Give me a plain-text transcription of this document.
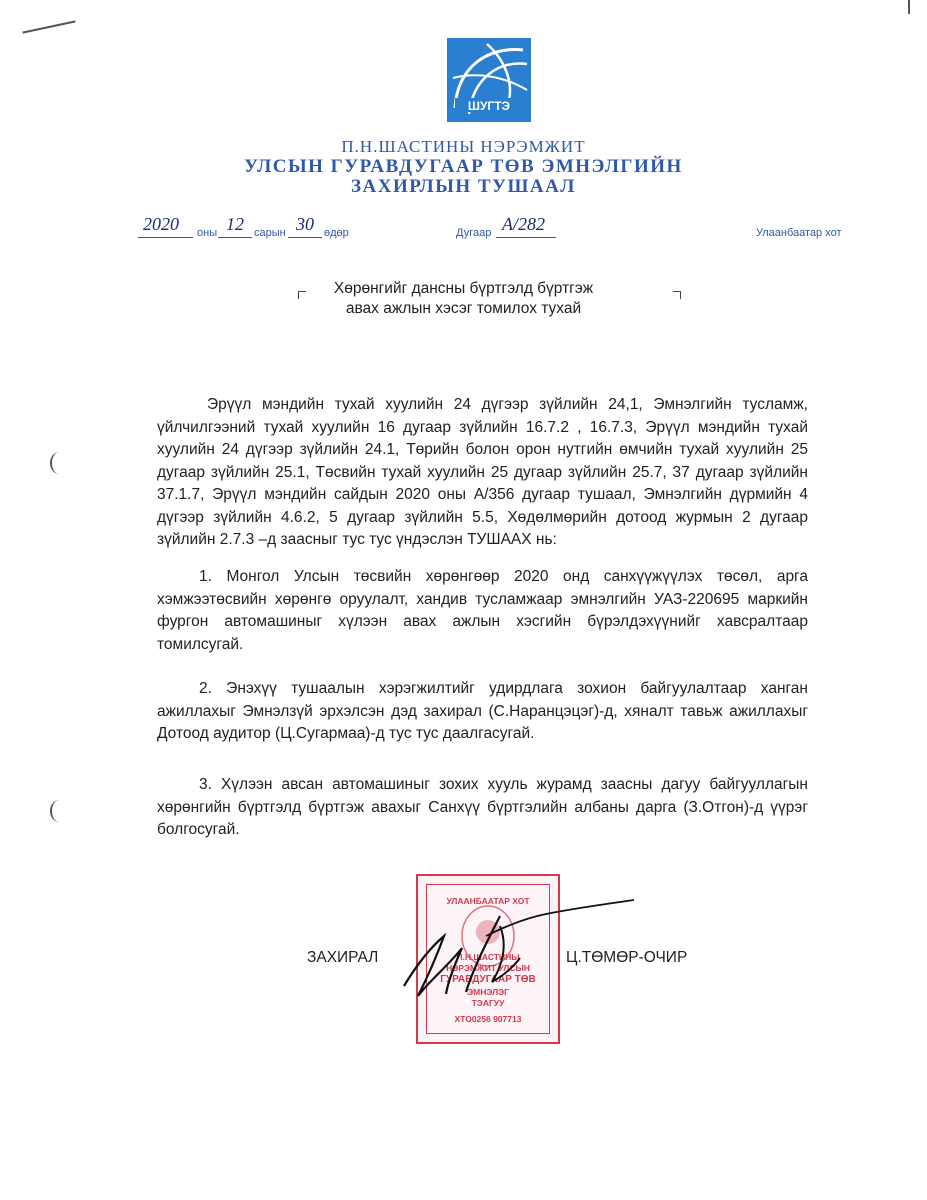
ШУГТЭ
П.Н.ШАСТИНЫ НЭРЭМЖИТ
УЛСЫН ГУРАВДУГААР ТӨВ ЭМНЭЛГИЙН
ЗАХИРЛЫН ТУШААЛ
2020 оны 12 сарын 30 өдөр	Дугаар А/282	Улаанбаатар хот
Хөрөнгийг дансны бүртгэлд бүртгэж
авах ажлын хэсэг томилох тухай
Эрүүл мэндийн тухай хуулийн 24 дүгээр зүйлийн 24,1, Эмнэлгийн тусламж, үйлчилгээний тухай хуулийн 16 дугаар зүйлийн 16.7.2 , 16.7.3, Эрүүл мэндийн тухай хуулийн 24 дүгээр зүйлийн 24.1, Төрийн болон орон нутгийн өмчийн тухай хуулийн 25 дугаар зүйлийн 25.1, Төсвийн тухай хуулийн 25 дугаар зүйлийн 25.7, 37 дугаар зүйлийн 37.1.7, Эрүүл мэндийн сайдын 2020 оны А/356 дугаар тушаал, Эмнэлгийн дүрмийн 4 дүгээр зүйлийн 4.6.2, 5 дугаар зүйлийн 5.5, Хөдөлмөрийн дотоод журмын 2 дугаар зүйлийн 2.7.3 –д заасныг тус тус үндэслэн ТУШААХ нь:
1. Монгол Улсын төсвийн хөрөнгөөр 2020 онд санхүүжүүлэх төсөл, арга хэмжээтөсвийн хөрөнгө оруулалт, хандив тусламжаар эмнэлгийн УАЗ-220695 маркийн фургон автомашиныг хүлээн авах ажлын хэсгийн бүрэлдэхүүнийг хавсралтаар томилсугай.
2. Энэхүү тушаалын хэрэгжилтийг удирдлага зохион байгуулалтаар ханган ажиллахыг Эмнэлзүй эрхэлсэн дэд захирал (С.Наранцэцэг)-д, хяналт тавьж ажиллахыг Дотоод аудитор (Ц.Сугармаа)-д тус тус даалгасугай.
3. Хүлээн авсан автомашиныг зохих хууль журамд заасны дагуу байгууллагын хөрөнгийн бүртгэлд бүртгэж авахыг Санхүү бүртгэлийн албаны дарга (З.Отгон)-д үүрэг болгосугай.
УЛААНБААТАР ХОТ
П.Н.ШАСТИНЫ
НЭРЭМЖИТ УЛСЫН
ГУРАВДУГААР ТӨВ
ЭМНЭЛЭГ
ТЭАГУУ
ХТО0256 907713
ЗАХИРАЛ	Ц.ТӨМӨР-ОЧИР
